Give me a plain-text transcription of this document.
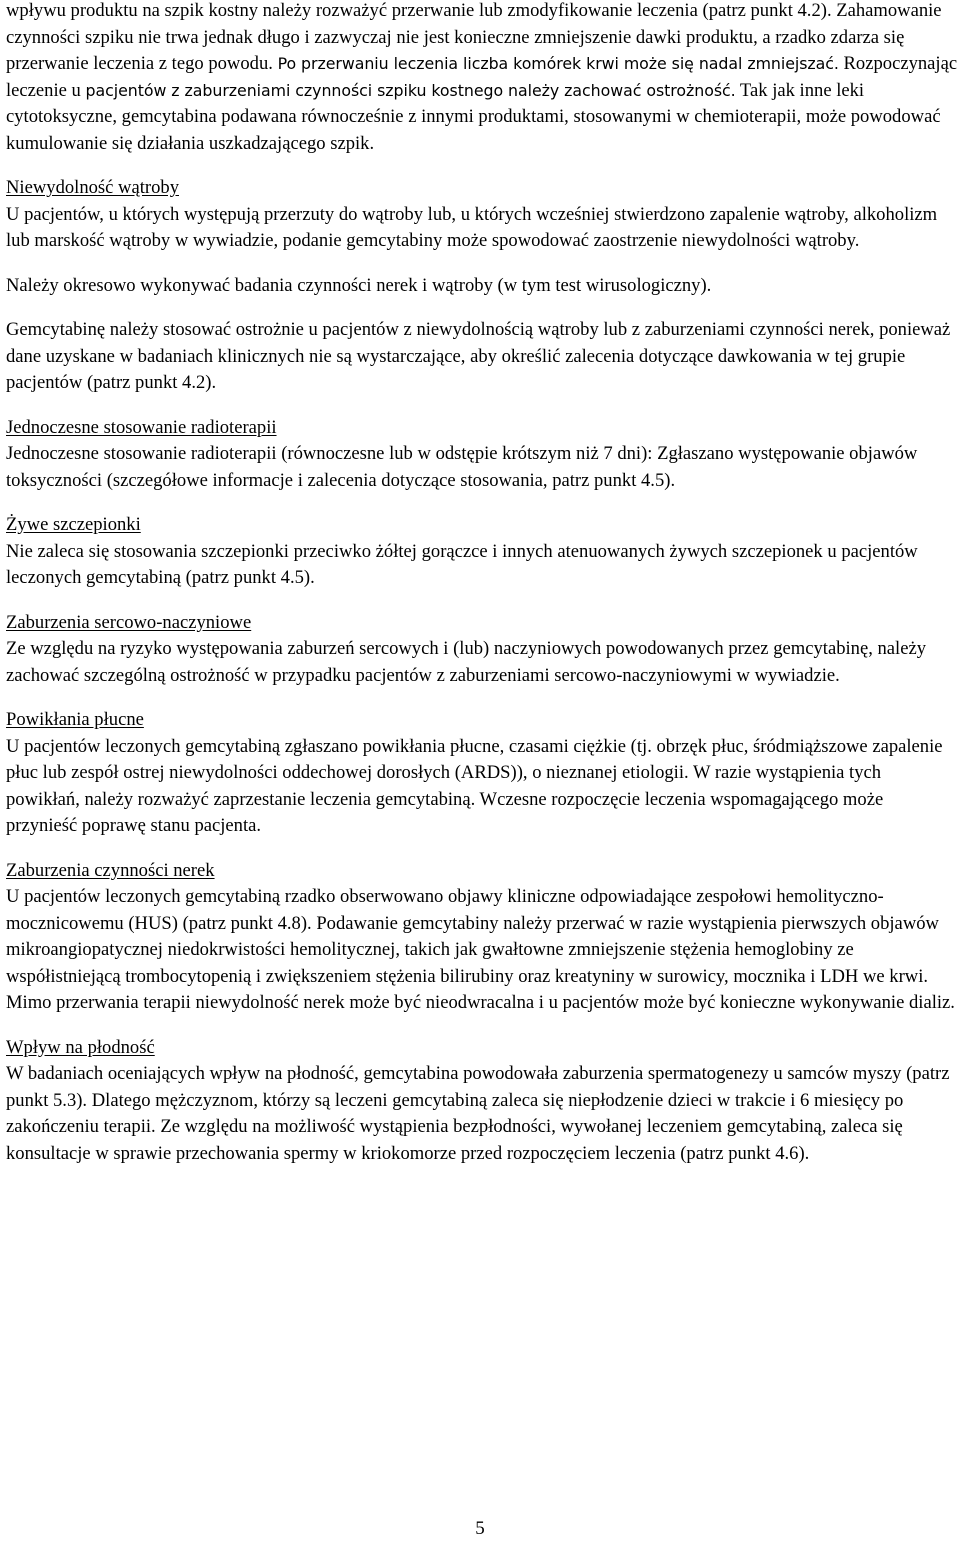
wpływu produktu na szpik kostny należy rozważyć przerwanie lub zmodyfikowanie leczenia (patrz punkt 4.2). Zahamowanie czynności szpiku nie trwa jednak długo i zazwyczaj nie jest konieczne zmniejszenie dawki produktu, a rzadko zdarza się przerwanie leczenia z tego powodu. Po przerwaniu leczenia liczba komórek krwi może się nadal zmniejszać. Rozpoczynając leczenie u pacjentów z zaburzeniami czynności szpiku kostnego należy zachować ostrożność. Tak jak inne leki cytotoksyczne, gemcytabina podawana równocześnie z innymi produktami, stosowanymi w chemioterapii, może powodować kumulowanie się działania uszkadzającego szpik.

Niewydolność wątroby

U pacjentów, u których występują przerzuty do wątroby lub, u których wcześniej stwierdzono zapalenie wątroby, alkoholizm lub marskość wątroby w wywiadzie, podanie gemcytabiny może spowodować zaostrzenie niewydolności wątroby.

Należy okresowo wykonywać badania czynności nerek i wątroby (w tym test wirusologiczny).

Gemcytabinę należy stosować ostrożnie u pacjentów z niewydolnością wątroby lub z zaburzeniami czynności nerek, ponieważ dane uzyskane w badaniach klinicznych nie są wystarczające, aby określić zalecenia dotyczące dawkowania w tej grupie pacjentów (patrz punkt 4.2).

Jednoczesne stosowanie radioterapii

Jednoczesne stosowanie radioterapii (równoczesne lub w odstępie krótszym niż 7 dni): Zgłaszano występowanie objawów toksyczności (szczegółowe informacje i zalecenia dotyczące stosowania, patrz punkt 4.5).

Żywe szczepionki

Nie zaleca się stosowania szczepionki przeciwko żółtej gorączce i innych atenuowanych żywych szczepionek u pacjentów leczonych gemcytabiną (patrz punkt 4.5).

Zaburzenia sercowo-naczyniowe

Ze względu na ryzyko występowania zaburzeń sercowych i (lub) naczyniowych powodowanych przez gemcytabinę, należy zachować szczególną ostrożność w przypadku pacjentów z zaburzeniami sercowo-naczyniowymi w wywiadzie.

Powikłania płucne

U pacjentów leczonych gemcytabiną zgłaszano powikłania płucne, czasami ciężkie (tj. obrzęk płuc, śródmiąższowe zapalenie płuc lub zespół ostrej niewydolności oddechowej dorosłych (ARDS)), o nieznanej etiologii. W razie wystąpienia tych powikłań, należy rozważyć zaprzestanie leczenia gemcytabiną. Wczesne rozpoczęcie leczenia wspomagającego może przynieść poprawę stanu pacjenta.

Zaburzenia czynności nerek

U pacjentów leczonych gemcytabiną rzadko obserwowano objawy kliniczne odpowiadające zespołowi hemolityczno-mocznicowemu (HUS) (patrz punkt 4.8). Podawanie gemcytabiny należy przerwać w razie wystąpienia pierwszych objawów mikroangiopatycznej niedokrwistości hemolitycznej, takich jak gwałtowne zmniejszenie stężenia hemoglobiny ze współistniejącą trombocytopenią i zwiększeniem stężenia bilirubiny oraz kreatyniny w surowicy, mocznika i LDH we krwi. Mimo przerwania terapii niewydolność nerek może być nieodwracalna i u pacjentów może być konieczne wykonywanie dializ.

Wpływ na płodność

W badaniach oceniających wpływ na płodność, gemcytabina powodowała zaburzenia spermatogenezy u samców myszy (patrz punkt 5.3). Dlatego mężczyznom, którzy są leczeni gemcytabiną zaleca się niepłodzenie dzieci w trakcie i 6 miesięcy po zakończeniu terapii. Ze względu na możliwość wystąpienia bezpłodności, wywołanej leczeniem gemcytabiną, zaleca się konsultacje w sprawie przechowania spermy w kriokomorze przed rozpoczęciem leczenia (patrz punkt 4.6).

5
